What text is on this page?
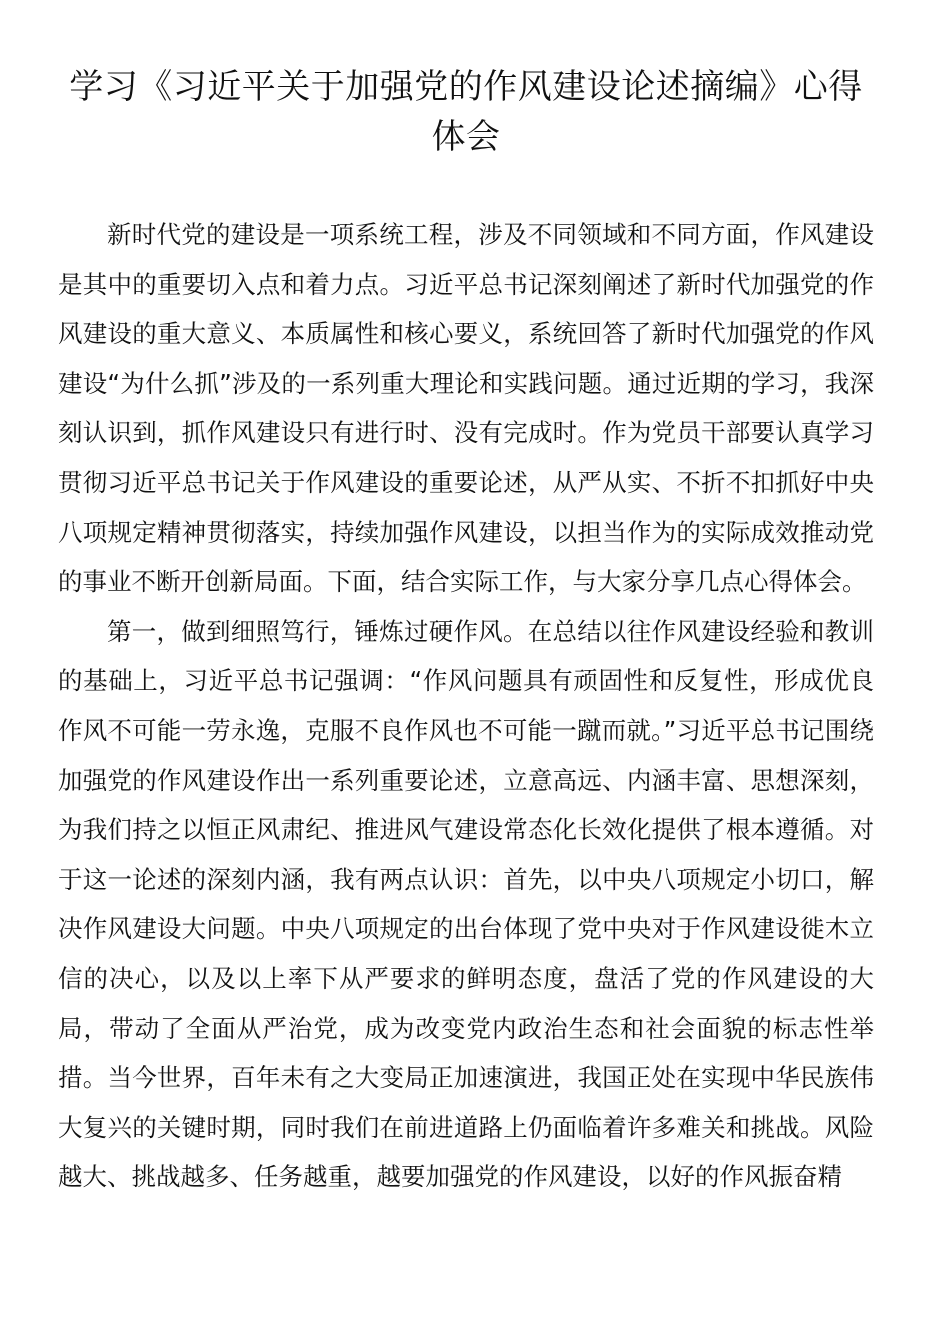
学习《习近平关于加强党的作风建设论述摘编》心得体会

新时代党的建设是一项系统工程，涉及不同领域和不同方面，作风建设是其中的重要切入点和着力点。习近平总书记深刻阐述了新时代加强党的作风建设的重大意义、本质属性和核心要义，系统回答了新时代加强党的作风建设“为什么抓”涉及的一系列重大理论和实践问题。通过近期的学习，我深刻认识到，抓作风建设只有进行时、没有完成时。作为党员干部要认真学习贯彻习近平总书记关于作风建设的重要论述，从严从实、不折不扣抓好中央八项规定精神贯彻落实，持续加强作风建设，以担当作为的实际成效推动党的事业不断开创新局面。下面，结合实际工作，与大家分享几点心得体会。

第一，做到细照笃行，锤炼过硬作风。在总结以往作风建设经验和教训的基础上，习近平总书记强调：“作风问题具有顽固性和反复性，形成优良作风不可能一劳永逸，克服不良作风也不可能一蹴而就。”习近平总书记围绕加强党的作风建设作出一系列重要论述，立意高远、内涵丰富、思想深刻，为我们持之以恒正风肃纪、推进风气建设常态化长效化提供了根本遵循。对于这一论述的深刻内涵，我有两点认识：首先，以中央八项规定小切口，解决作风建设大问题。中央八项规定的出台体现了党中央对于作风建设徙木立信的决心，以及以上率下从严要求的鲜明态度，盘活了党的作风建设的大局，带动了全面从严治党，成为改变党内政治生态和社会面貌的标志性举措。当今世界，百年未有之大变局正加速演进，我国正处在实现中华民族伟大复兴的关键时期，同时我们在前进道路上仍面临着许多难关和挑战。风险越大、挑战越多、任务越重，越要加强党的作风建设，以好的作风振奋精
